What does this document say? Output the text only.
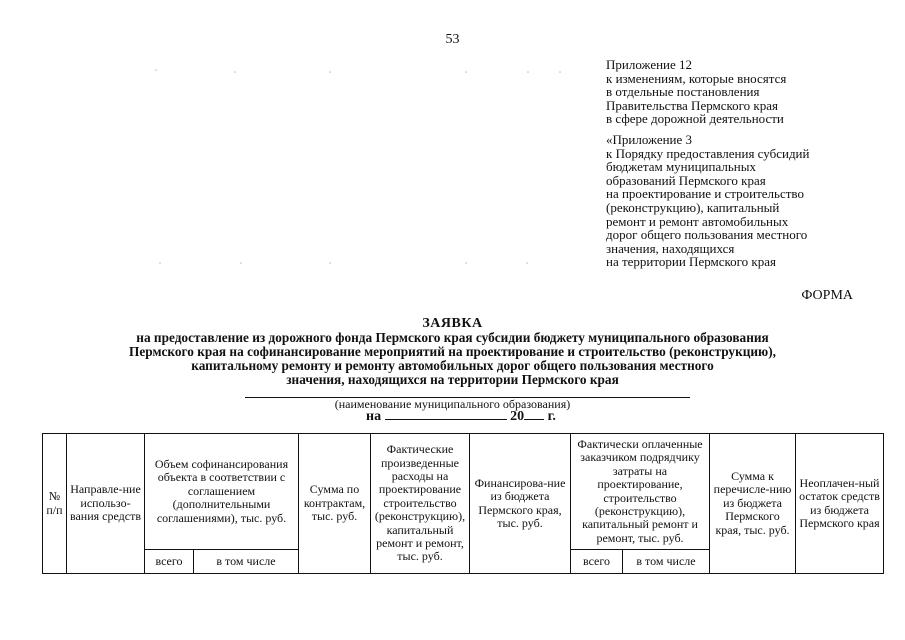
53
Приложение 12
к изменениям, которые вносятся
в отдельные постановления
Правительства Пермского края
в сфере дорожной деятельности
«Приложение 3
к Порядку предоставления субсидий
бюджетам муниципальных
образований Пермского края
на проектирование и строительство
(реконструкцию), капитальный
ремонт и ремонт автомобильных
дорог общего пользования местного
значения, находящихся
на территории Пермского края
ФОРМА
ЗАЯВКА
на предоставление из дорожного фонда Пермского края субсидии бюджету муниципального образования
Пермского края на софинансирование мероприятий на проектирование и строительство (реконструкцию),
капитальному ремонту и ремонту автомобильных дорог общего пользования местного
значения, находящихся на территории Пермского края
(наименование муниципального образования)
на	20 г.
№ п/п	Направле-ние использо-вания средств	Объем софинансирования объекта в соответствии с соглашением (дополнительными соглашениями), тыс. руб.		Сумма по контрактам, тыс. руб.	Фактические произведенные расходы на проектирование строительство (реконструкцию), капитальный ремонт и ремонт, тыс. руб.	Финансирова-ние из бюджета Пермского края, тыс. руб.	Фактически оплаченные заказчиком подрядчику затраты на проектирование, строительство (реконструкцию), капитальный ремонт и ремонт, тыс. руб.		Сумма к перечисле-нию из бюджета Пермского края, тыс. руб.	Неоплачен-ный остаток средств из бюджета Пермского края
		всего	в том числе				всего	в том числе		
